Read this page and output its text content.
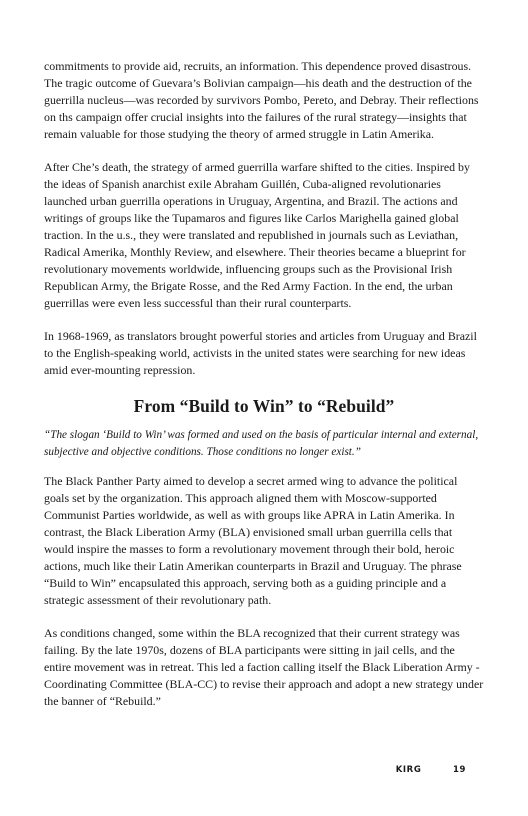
commitments to provide aid, recruits, an information. This dependence proved disastrous. The tragic outcome of Guevara’s Bolivian campaign—his death and the destruction of the guerrilla nucleus—was recorded by survivors Pombo, Pereto, and Debray. Their reflections on ths campaign offer crucial insights into the failures of the rural strategy—insights that remain valuable for those studying the theory of armed struggle in Latin Amerika.

After Che’s death, the strategy of armed guerrilla warfare shifted to the cities. Inspired by the ideas of Spanish anarchist exile Abraham Guillén, Cuba-aligned revolutionaries launched urban guerrilla operations in Uruguay, Argentina, and Brazil. The actions and writings of groups like the Tupamaros and figures like Carlos Marighella gained global traction. In the u.s., they were translated and republished in journals such as Leviathan, Radical Amerika, Monthly Review, and elsewhere. Their theories became a blueprint for revolutionary movements worldwide, influencing groups such as the Provisional Irish Republican Army, the Brigate Rosse, and the Red Army Faction. In the end, the urban guerrillas were even less successful than their rural counterparts.

In 1968-1969, as translators brought powerful stories and articles from Uruguay and Brazil to the English-speaking world, activists in the united states were searching for new ideas amid ever-mounting repression.

From “Build to Win” to “Rebuild”

“The slogan ‘Build to Win’ was formed and used on the basis of particular internal and external, subjective and objective conditions. Those conditions no longer exist.”

The Black Panther Party aimed to develop a secret armed wing to advance the political goals set by the organization. This approach aligned them with Moscow-supported Communist Parties worldwide, as well as with groups like APRA in Latin Amerika. In contrast, the Black Liberation Army (BLA) envisioned small urban guerrilla cells that would inspire the masses to form a revolutionary movement through their bold, heroic actions, much like their Latin Amerikan counterparts in Brazil and Uruguay. The phrase “Build to Win” encapsulated this approach, serving both as a guiding principle and a strategic assessment of their revolutionary path.

As conditions changed, some within the BLA recognized that their current strategy was failing. By the late 1970s, dozens of BLA participants were sitting in jail cells, and the entire movement was in retreat. This led a faction calling itself the Black Liberation Army - Coordinating Committee (BLA-CC) to revise their approach and adopt a new strategy under the banner of “Rebuild.”

KIRG	19
